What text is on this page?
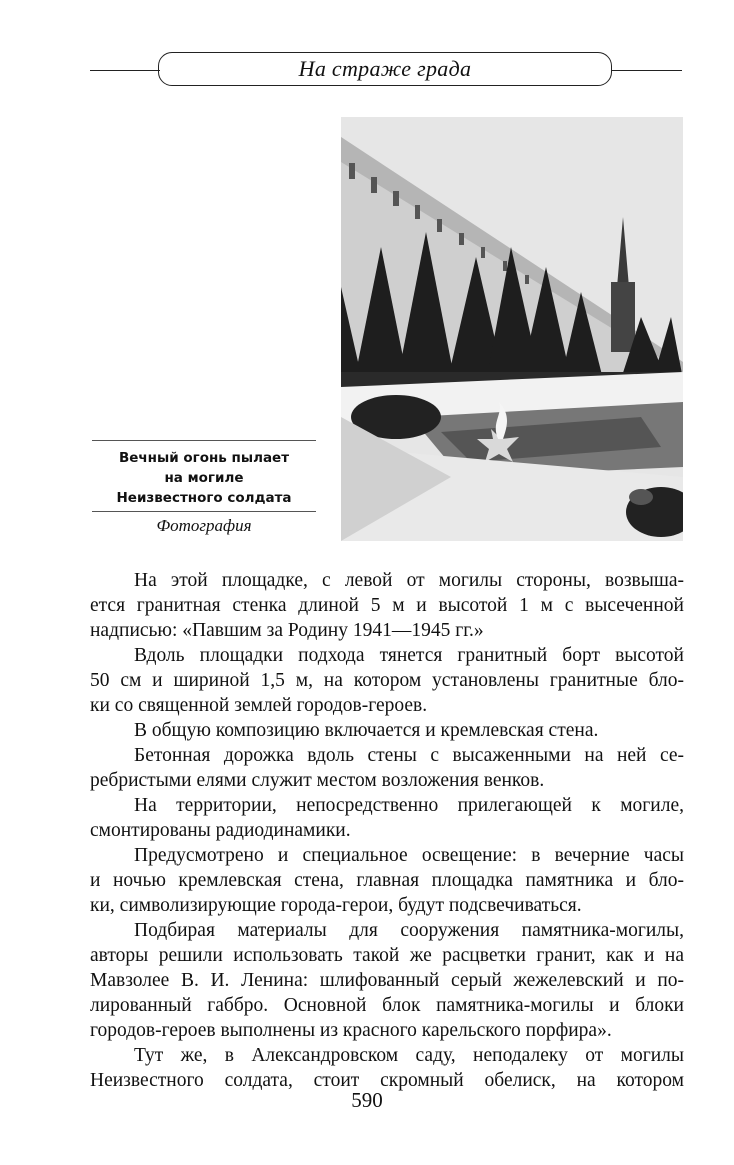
На страже града
Вечный огонь пылает
на могиле
Неизвестного солдата
Фотография
На этой площадке, с левой от могилы стороны, возвыша-
ется гранитная стенка длиной 5 м и высотой 1 м с высеченной
надписью: «Павшим за Родину 1941—1945 гг.»
Вдоль площадки подхода тянется гранитный борт высотой
50 см и шириной 1,5 м, на котором установлены гранитные бло-
ки со священной землей городов-героев.
В общую композицию включается и кремлевская стена.
Бетонная дорожка вдоль стены с высаженными на ней се-
ребристыми елями служит местом возложения венков.
На территории, непосредственно прилегающей к могиле,
смонтированы радиодинамики.
Предусмотрено и специальное освещение: в вечерние часы
и ночью кремлевская стена, главная площадка памятника и бло-
ки, символизирующие города-герои, будут подсвечиваться.
Подбирая материалы для сооружения памятника-могилы,
авторы решили использовать такой же расцветки гранит, как и на
Мавзолее В. И. Ленина: шлифованный серый жежелевский и по-
лированный габбро. Основной блок памятника-могилы и блоки
городов-героев выполнены из красного карельского порфира».
Тут же, в Александровском саду, неподалеку от могилы
Неизвестного солдата, стоит скромный обелиск, на котором
590
